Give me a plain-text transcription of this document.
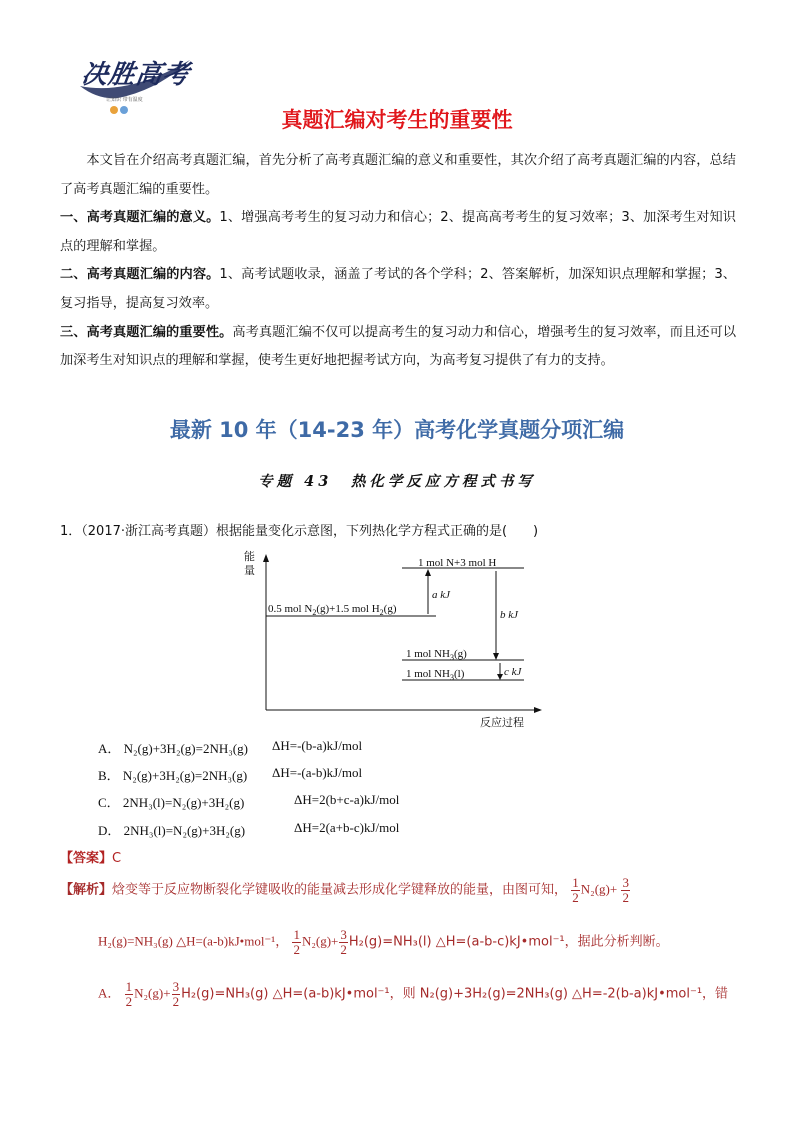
决胜高考
让知识 带有温度
真题汇编对考生的重要性

本文旨在介绍高考真题汇编，首先分析了高考真题汇编的意义和重要性，其次介绍了高考真题汇编的内容，总结了高考真题汇编的重要性。

一、高考真题汇编的意义。1、增强高考考生的复习动力和信心；2、提高高考考生的复习效率；3、加深考生对知识点的理解和掌握。

二、高考真题汇编的内容。1、高考试题收录，涵盖了考试的各个学科；2、答案解析，加深知识点理解和掌握；3、复习指导，提高复习效率。

三、高考真题汇编的重要性。高考真题汇编不仅可以提高考生的复习动力和信心，增强考生的复习效率，而且还可以加深考生对知识点的理解和掌握，使考生更好地把握考试方向，为高考复习提供了有力的支持。

最新 10 年（14-23 年）高考化学真题分项汇编
专题 43　热化学反应方程式书写
1．（2017·浙江高考真题）根据能量变化示意图，下列热化学方程式正确的是(　　)
能
量
反应过程
1 mol N+3 mol H
0.5 mol $N_2(g)+1.5$ mol $H_2(g)$
1 mol $NH_3(g)$
1 mol $NH_3(l)$
a kJ
b kJ
c kJ
A． N₂(g)+3H₂(g)=2NH₃(g) ΔH=-(b-a)kJ/mol
B． N₂(g)+3H₂(g)=2NH₃(g) ΔH=-(a-b)kJ/mol
C． 2NH₃(l)=N₂(g)+3H₂(g)	ΔH=2(b+c-a)kJ/mol
D． 2NH₃(l)=N₂(g)+3H₂(g)	ΔH=2(a+b-c)kJ/mol
【答案】C
【解析】焓变等于反应物断裂化学键吸收的能量减去形成化学键释放的能量，由图可知， $\frac{1}{2} N_2(g)+ \frac{3}{2}$
H₂(g)=NH₃(g) △H=(a-b)kJ•mol⁻¹， $\frac{1}{2} N_2(g)+ \frac{3}{2} H_2(g)=NH_3(l)$ △H=(a-b-c)kJ•mol⁻¹，据此分析判断。
A． $\frac{1}{2} N_2(g)+ \frac{3}{2} H_2(g)=NH_3(g)$ △H=(a-b)kJ•mol⁻¹，则 N₂(g)+3H₂(g)=2NH₃(g) △H=-2(b-a)kJ•mol⁻¹，错
